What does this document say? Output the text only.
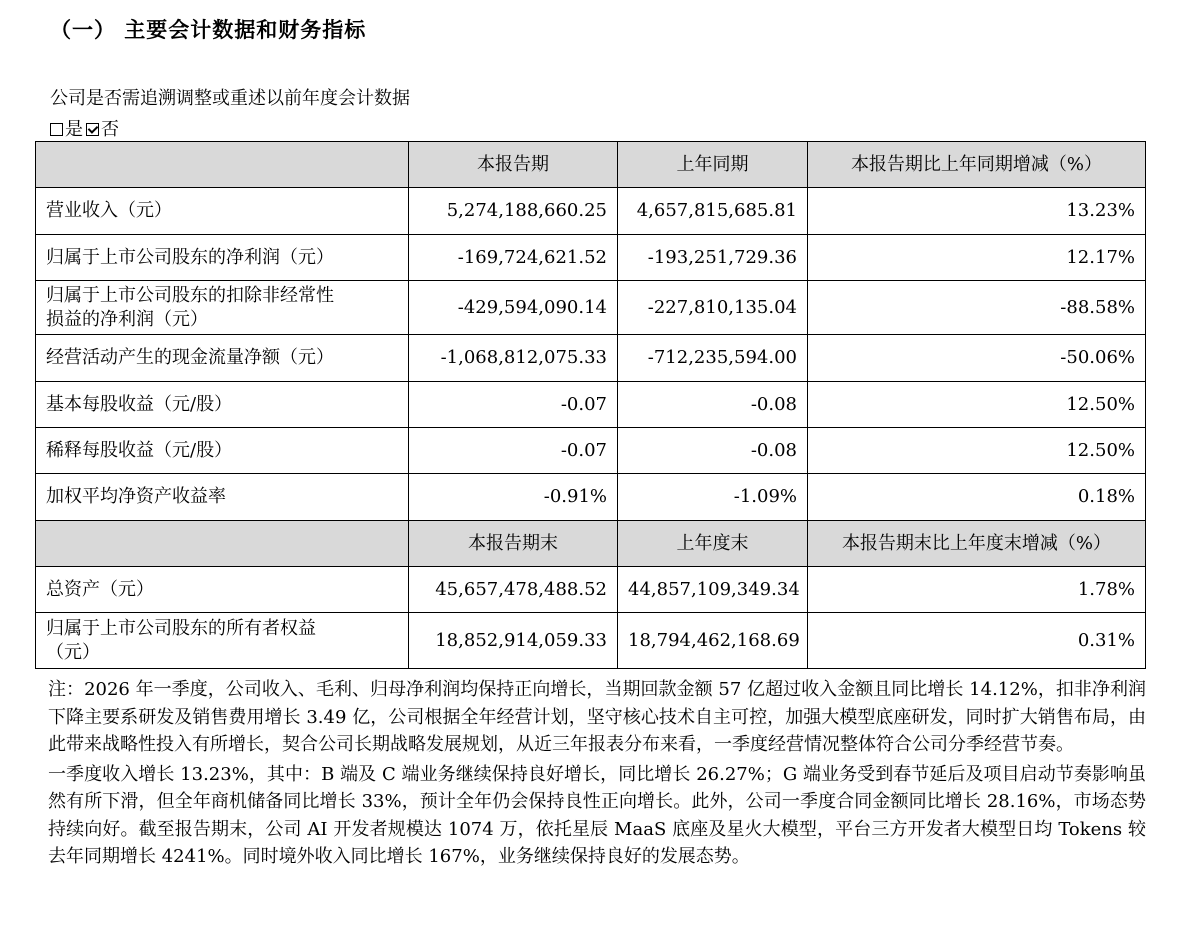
（一） 主要会计数据和财务指标
公司是否需追溯调整或重述以前年度会计数据
是 否
	本报告期	上年同期	本报告期比上年同期增减（%）
营业收入（元）	5,274,188,660.25	4,657,815,685.81	13.23%
归属于上市公司股东的净利润（元）	-169,724,621.52	-193,251,729.36	12.17%

归属于上市公司股东的扣除非经常性
损益的净利润（元）	-429,594,090.14	-227,810,135.04	-88.58%
经营活动产生的现金流量净额（元）	-1,068,812,075.33	-712,235,594.00	-50.06%
基本每股收益（元/股）	-0.07	-0.08	12.50%
稀释每股收益（元/股）	-0.07	-0.08	12.50%
加权平均净资产收益率	-0.91%	-1.09%	0.18%
	本报告期末	上年度末	本报告期末比上年度末增减（%）
总资产（元）	45,657,478,488.52	44,857,109,349.34	1.78%

归属于上市公司股东的所有者权益
（元）	18,852,914,059.33	18,794,462,168.69	0.31%

注：2026 年一季度，公司收入、毛利、归母净利润均保持正向增长，当期回款金额 57 亿超过收入金额且同比增长 14.12%，扣非净利润下降主要系研发及销售费用增长 3.49 亿，公司根据全年经营计划，坚守核心技术自主可控，加强大模型底座研发，同时扩大销售布局，由此带来战略性投入有所增长，契合公司长期战略发展规划，从近三年报表分布来看，一季度经营情况整体符合公司分季经营节奏。

一季度收入增长 13.23%，其中：B 端及 C 端业务继续保持良好增长，同比增长 26.27%；G 端业务受到春节延后及项目启动节奏影响虽然有所下滑，但全年商机储备同比增长 33%，预计全年仍会保持良性正向增长。此外，公司一季度合同金额同比增长 28.16%，市场态势持续向好。截至报告期末，公司 AI 开发者规模达 1074 万，依托星辰 MaaS 底座及星火大模型，平台三方开发者大模型日均 Tokens 较去年同期增长 4241%。同时境外收入同比增长 167%，业务继续保持良好的发展态势。
